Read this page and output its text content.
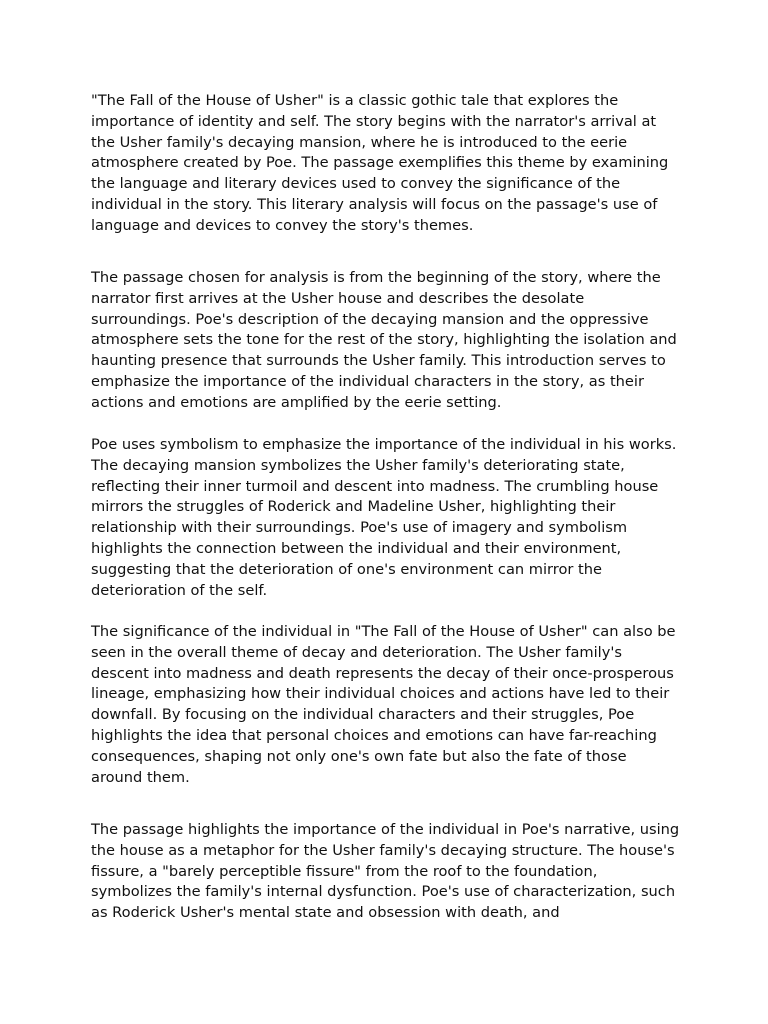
"The Fall of the House of Usher" is a classic gothic tale that explores the importance of identity and self. The story begins with the narrator's arrival at the Usher family's decaying mansion, where he is introduced to the eerie atmosphere created by Poe. The passage exemplifies this theme by examining the language and literary devices used to convey the significance of the individual in the story. This literary analysis will focus on the passage's use of language and devices to convey the story's themes.

The passage chosen for analysis is from the beginning of the story, where the narrator first arrives at the Usher house and describes the desolate surroundings. Poe's description of the decaying mansion and the oppressive atmosphere sets the tone for the rest of the story, highlighting the isolation and haunting presence that surrounds the Usher family. This introduction serves to emphasize the importance of the individual characters in the story, as their actions and emotions are amplified by the eerie setting.

Poe uses symbolism to emphasize the importance of the individual in his works. The decaying mansion symbolizes the Usher family's deteriorating state, reflecting their inner turmoil and descent into madness. The crumbling house mirrors the struggles of Roderick and Madeline Usher, highlighting their relationship with their surroundings. Poe's use of imagery and symbolism highlights the connection between the individual and their environment, suggesting that the deterioration of one's environment can mirror the deterioration of the self.

The significance of the individual in "The Fall of the House of Usher" can also be seen in the overall theme of decay and deterioration. The Usher family's descent into madness and death represents the decay of their once-prosperous lineage, emphasizing how their individual choices and actions have led to their downfall. By focusing on the individual characters and their struggles, Poe highlights the idea that personal choices and emotions can have far-reaching consequences, shaping not only one's own fate but also the fate of those around them.

The passage highlights the importance of the individual in Poe's narrative, using the house as a metaphor for the Usher family's decaying structure. The house's fissure, a "barely perceptible fissure" from the roof to the foundation, symbolizes the family's internal dysfunction. Poe's use of characterization, such as Roderick Usher's mental state and obsession with death, and
